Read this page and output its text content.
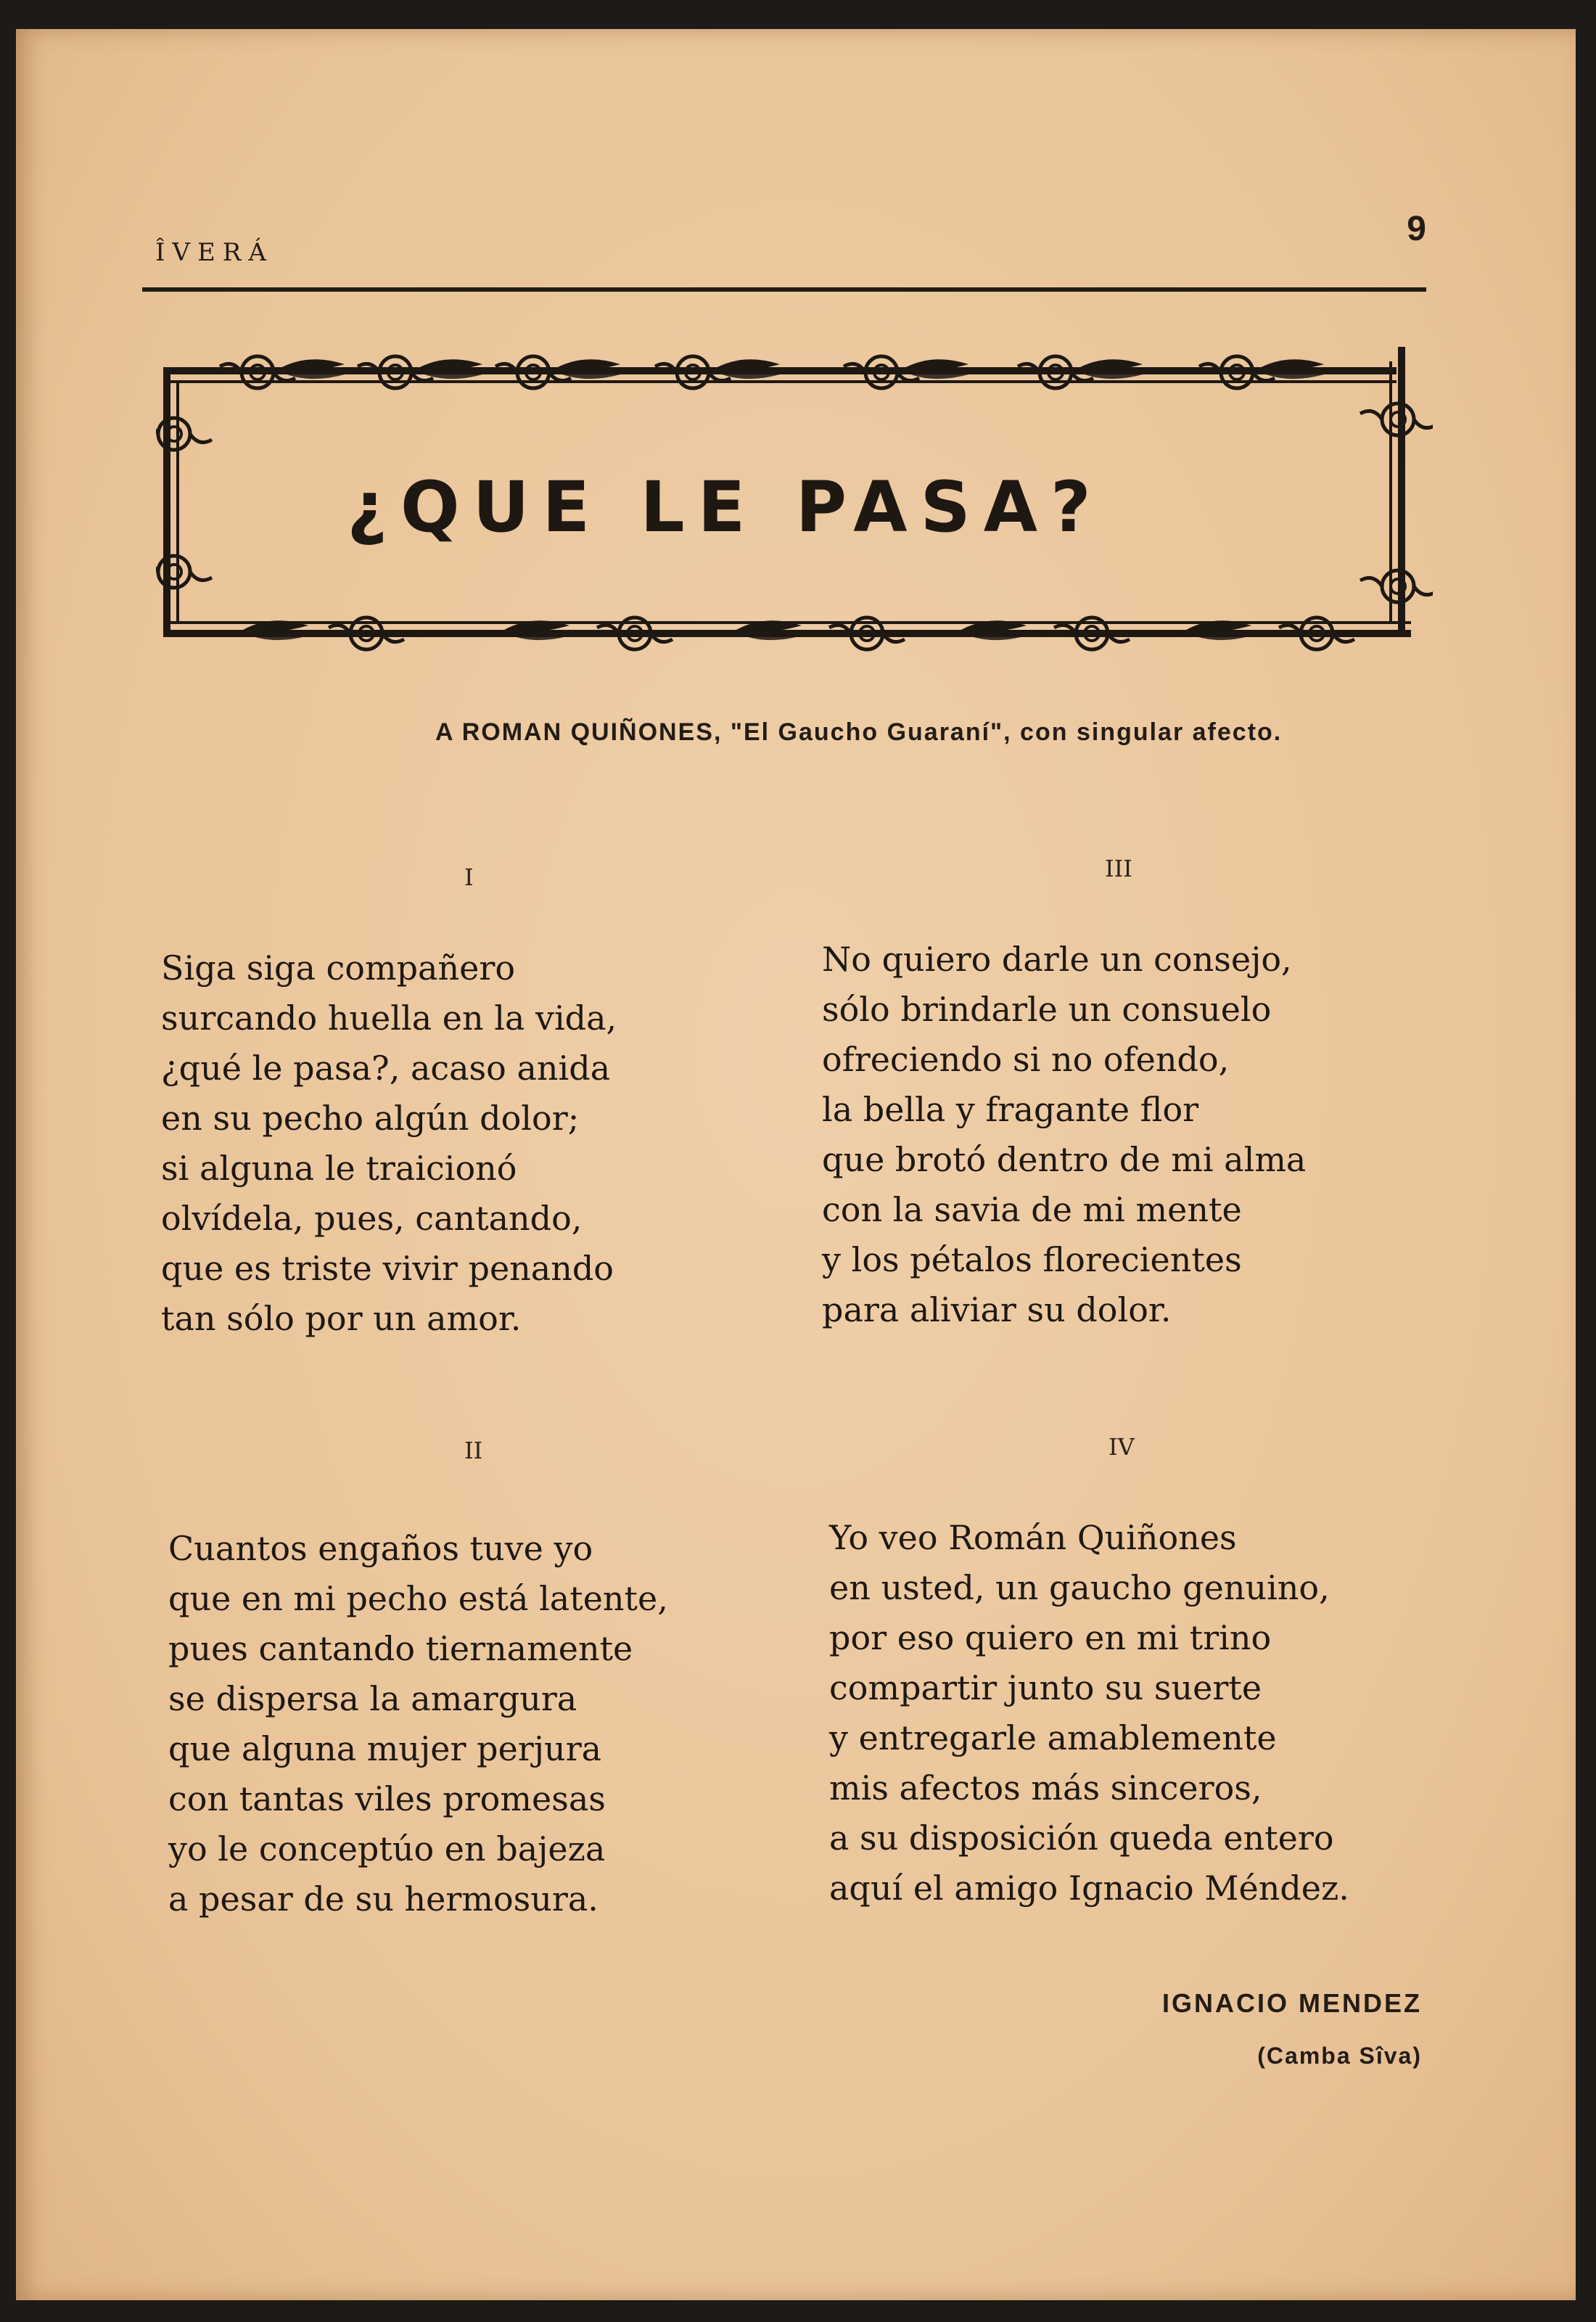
ÎVERÁ
9
¿QUE LE PASA?
A ROMAN QUIÑONES, "El Gaucho Guaraní", con singular afecto.
I
Siga siga compañero
surcando huella en la vida,
¿qué le pasa?, acaso anida
en su pecho algún dolor;
si alguna le traicionó
olvídela, pues, cantando,
que es triste vivir penando
tan sólo por un amor.
II
Cuantos engaños tuve yo
que en mi pecho está latente,
pues cantando tiernamente
se dispersa la amargura
que alguna mujer perjura
con tantas viles promesas
yo le conceptúo en bajeza
a pesar de su hermosura.
III
No quiero darle un consejo,
sólo brindarle un consuelo
ofreciendo si no ofendo,
la bella y fragante flor
que brotó dentro de mi alma
con la savia de mi mente
y los pétalos florecientes
para aliviar su dolor.
IV
Yo veo Román Quiñones
en usted, un gaucho genuino,
por eso quiero en mi trino
compartir junto su suerte
y entregarle amablemente
mis afectos más sinceros,
a su disposición queda entero
aquí el amigo Ignacio Méndez.
IGNACIO MENDEZ
(Camba Sîva)
